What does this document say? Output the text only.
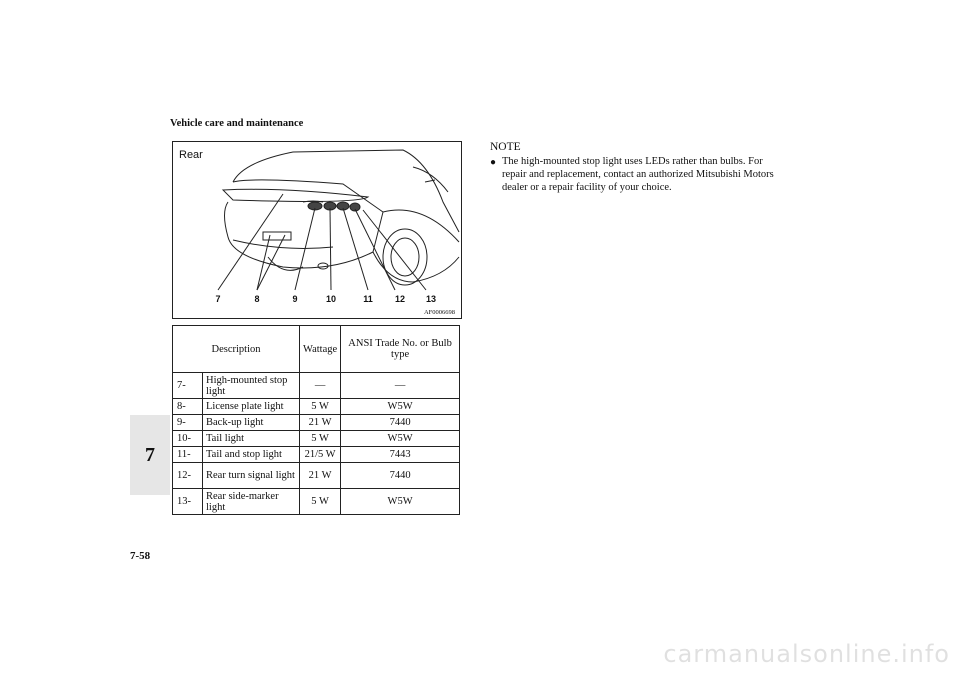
Vehicle care and maintenance
7
7-58
Rear
7	8	9	10	11 12 13
AF0006698
Description		Wattage	ANSI Trade No. or Bulb type
7-	High-mounted stop light	—	—
8-	License plate light	5 W	W5W
9-	Back-up light	21 W	7440
10-	Tail light	5 W	W5W
11-	Tail and stop light	21/5 W	7443
12-	Rear turn signal light	21 W	7440
13-	Rear side-marker light	5 W	W5W
NOTE
● The high-mounted stop light uses LEDs rather than bulbs. For repair and replacement, contact an authorized Mitsubishi Motors dealer or a repair facility of your choice.
carmanualsonline.info
